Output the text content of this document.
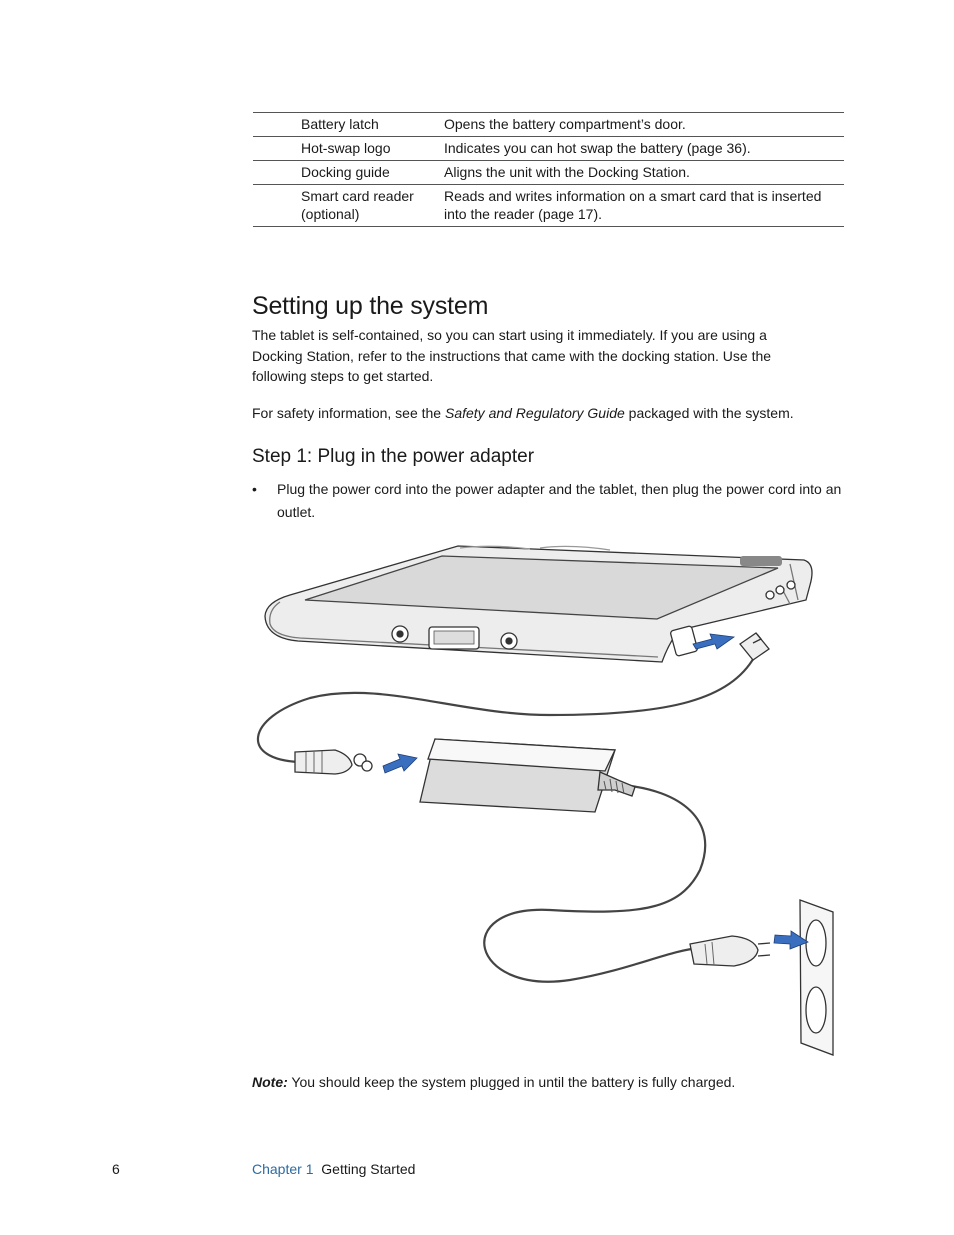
Battery latch	Opens the battery compartment’s door.
Hot-swap logo	Indicates you can hot swap the battery (page 36).
Docking guide	Aligns the unit with the Docking Station.
Smart card reader (optional)	Reads and writes information on a smart card that is inserted into the reader (page 17).
Setting up the system

The tablet is self-contained, so you can start using it immediately. If you are using a Docking Station, refer to the instructions that came with the docking station. Use the following steps to get started.

For safety information, see the Safety and Regulatory Guide packaged with the system.

Step 1: Plug in the power adapter
• Plug the power cord into the power adapter and the tablet, then plug the power cord into an outlet.

Note: You should keep the system plugged in until the battery is fully charged.

6	Chapter 1 Getting Started
